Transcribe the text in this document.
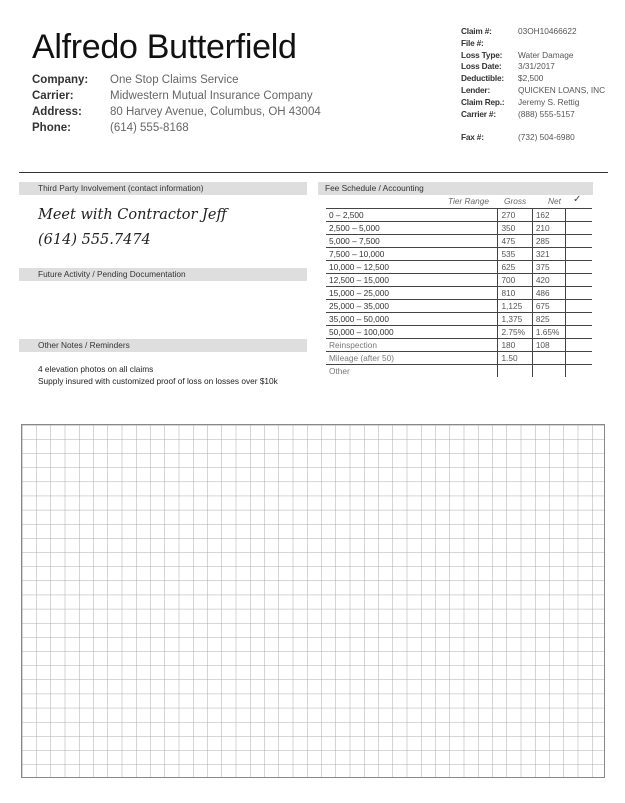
Alfredo Butterfield
Company: One Stop Claims Service
Carrier:	Midwestern Mutual Insurance Company
Address: 80 Harvey Avenue, Columbus, OH 43004
Phone:	(614) 555-8168
Claim #:	03OH10466622
File #:
Loss Type: Water Damage
Loss Date: 3/31/2017
Deductible: $2,500
Lender:	QUICKEN LOANS, INC
Claim Rep.: Jeremy S. Rettig
Carrier #:	(888) 555-5157
Fax #:	(732) 504-6980
Third Party Involvement (contact information)
Meet with Contractor Jeff
(614) 555.7474
Future Activity / Pending Documentation
Other Notes / Reminders
4 elevation photos on all claims
Supply insured with customized proof of loss on losses over $10k
Fee Schedule / Accounting
Tier Range Gross	Net ✓
0 – 2,500	270	162	
2,500 – 5,000	350	210	
5,000 – 7,500	475	285	
7,500 – 10,000	535	321	
10,000 – 12,500	625	375	
12,500 – 15,000	700	420	
15,000 – 25,000	810	486	
25,000 – 35,000	1,125	675	
35,000 – 50,000	1,375	825	
50,000 – 100,000	2.75%	1.65%	
Reinspection	180	108	
Mileage (after 50)	1.50		
Other			
